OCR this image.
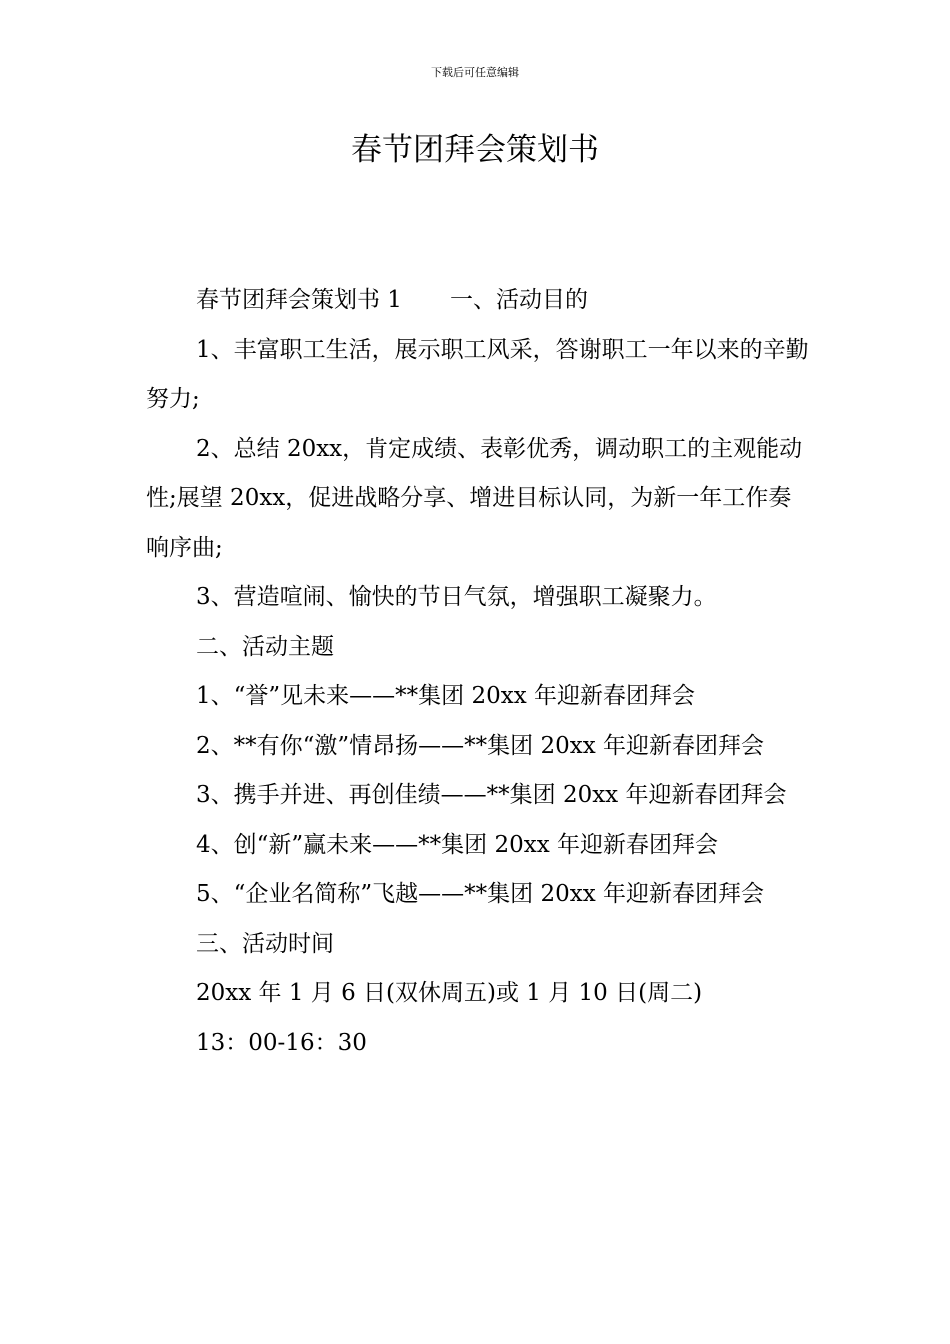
下载后可任意编辑
春节团拜会策划书

春节团拜会策划书 1 一、活动目的

1、丰富职工生活，展示职工风采，答谢职工一年以来的辛勤努力;

2、总结 20xx，肯定成绩、表彰优秀，调动职工的主观能动性;展望 20xx，促进战略分享、增进目标认同，为新一年工作奏响序曲;

3、营造喧闹、愉快的节日气氛，增强职工凝聚力。

二、活动主题

1、“誉”见未来——**集团 20xx 年迎新春团拜会

2、**有你“激”情昂扬——**集团 20xx 年迎新春团拜会

3、携手并进、再创佳绩——**集团 20xx 年迎新春团拜会

4、创“新”赢未来——**集团 20xx 年迎新春团拜会

5、“企业名简称”飞越——**集团 20xx 年迎新春团拜会

三、活动时间

20xx 年 1 月 6 日(双休周五)或 1 月 10 日(周二)

13：00-16：30
